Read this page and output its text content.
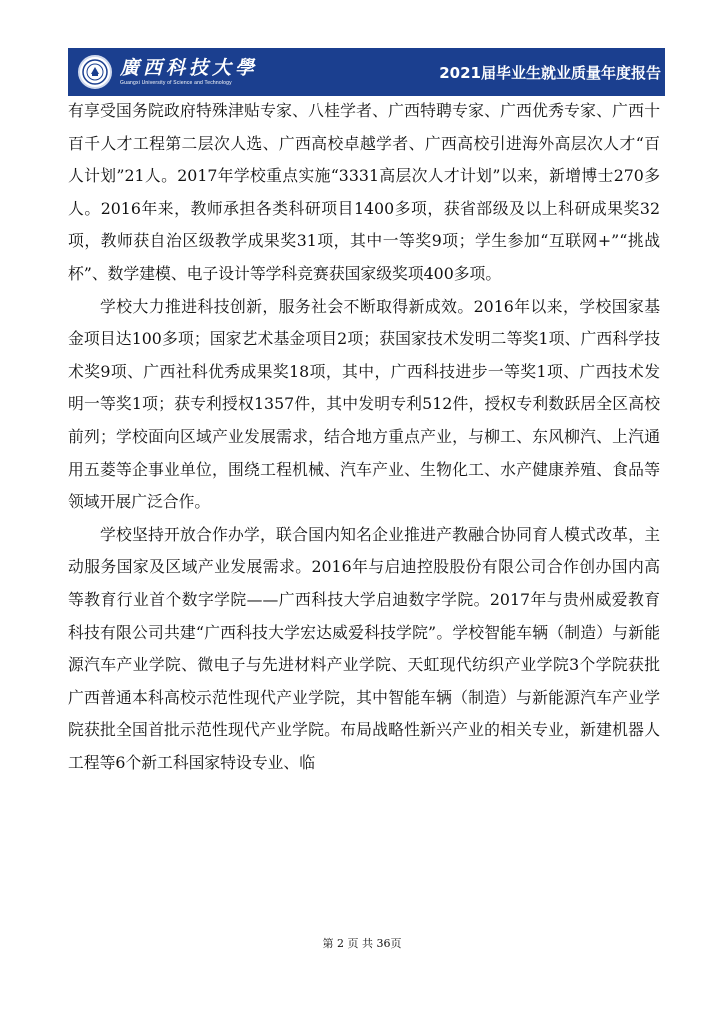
廣西科技大學
Guangxi University of Science and Technology
2021届毕业生就业质量年度报告

有享受国务院政府特殊津贴专家、八桂学者、广西特聘专家、广西优秀专家、广西十百千人才工程第二层次人选、广西高校卓越学者、广西高校引进海外高层次人才“百人计划”21人。2017年学校重点实施“3331高层次人才计划”以来，新增博士270多人。2016年来，教师承担各类科研项目1400多项，获省部级及以上科研成果奖32项，教师获自治区级教学成果奖31项，其中一等奖9项；学生参加“互联网+”“挑战杯”、数学建模、电子设计等学科竞赛获国家级奖项400多项。

学校大力推进科技创新，服务社会不断取得新成效。2016年以来，学校国家基金项目达100多项；国家艺术基金项目2项；获国家技术发明二等奖1项、广西科学技术奖9项、广西社科优秀成果奖18项，其中，广西科技进步一等奖1项、广西技术发明一等奖1项；获专利授权1357件，其中发明专利512件，授权专利数跃居全区高校前列；学校面向区域产业发展需求，结合地方重点产业，与柳工、东风柳汽、上汽通用五菱等企事业单位，围绕工程机械、汽车产业、生物化工、水产健康养殖、食品等领域开展广泛合作。

学校坚持开放合作办学，联合国内知名企业推进产教融合协同育人模式改革，主动服务国家及区域产业发展需求。2016年与启迪控股股份有限公司合作创办国内高等教育行业首个数字学院——广西科技大学启迪数字学院。2017年与贵州威爱教育科技有限公司共建“广西科技大学宏达威爱科技学院”。学校智能车辆（制造）与新能源汽车产业学院、微电子与先进材料产业学院、天虹现代纺织产业学院3个学院获批广西普通本科高校示范性现代产业学院，其中智能车辆（制造）与新能源汽车产业学院获批全国首批示范性现代产业学院。布局战略性新兴产业的相关专业，新建机器人工程等6个新工科国家特设专业、临

第 2 页 共 36页
